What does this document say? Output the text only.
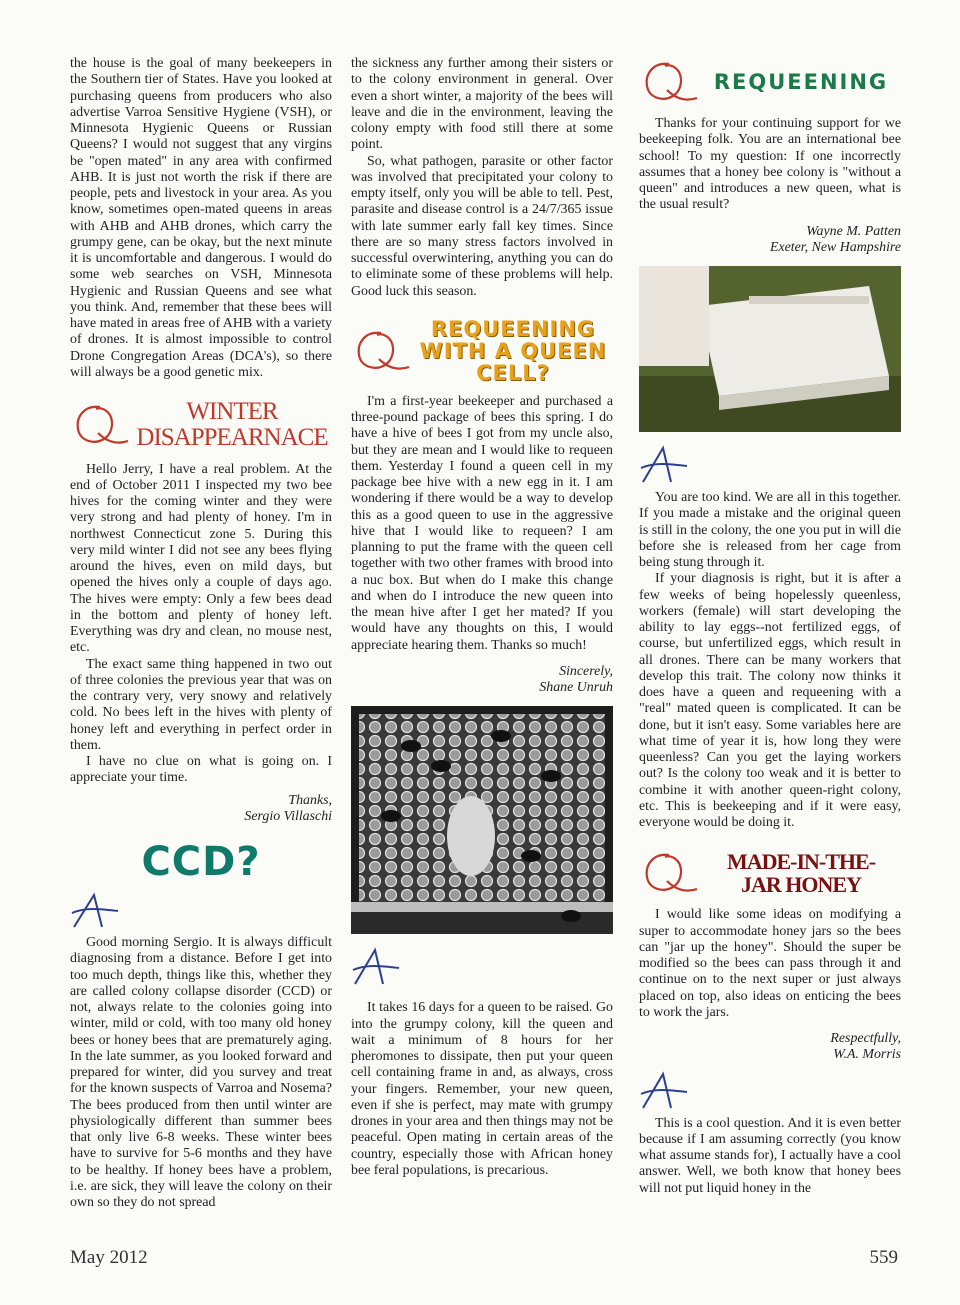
the house is the goal of many beekeepers in the Southern tier of States. Have you looked at purchasing queens from producers who also advertise Varroa Sensitive Hygiene (VSH), or Minnesota Hygienic Queens or Russian Queens? I would not suggest that any virgins be "open mated" in any area with confirmed AHB. It is just not worth the risk if there are people, pets and livestock in your area. As you know, sometimes open-mated queens in areas with AHB and AHB drones, which carry the grumpy gene, can be okay, but the next minute it is uncomfortable and dangerous. I would do some web searches on VSH, Minnesota Hygienic and Russian Queens and see what you think. And, remember that these bees will have mated in areas free of AHB with a variety of drones. It is almost impossible to control Drone Congregation Areas (DCA's), so there will always be a good genetic mix.

WINTER
DISAPPEARNACE

Hello Jerry, I have a real problem. At the end of October 2011 I inspected my two bee hives for the coming winter and they were very strong and had plenty of honey. I'm in northwest Connecticut zone 5. During this very mild winter I did not see any bees flying around the hives, even on mild days, but opened the hives only a couple of days ago. The hives were empty: Only a few bees dead in the bottom and plenty of honey left. Everything was dry and clean, no mouse nest, etc.

The exact same thing happened in two out of three colonies the previous year that was on the contrary very, very snowy and relatively cold. No bees left in the hives with plenty of honey left and everything in perfect order in them.

I have no clue on what is going on. I appreciate your time.

Thanks,
Sergio Villaschi

CCD?

Good morning Sergio. It is always difficult diagnosing from a distance. Before I get into too much depth, things like this, whether they are called colony collapse disorder (CCD) or not, always relate to the colonies going into winter, mild or cold, with too many old honey bees or honey bees that are prematurely aging. In the late summer, as you looked forward and prepared for winter, did you survey and treat for the known suspects of Varroa and Nosema? The bees produced from then until winter are physiologically different than summer bees that only live 6-8 weeks. These winter bees have to survive for 5-6 months and they have to be healthy. If honey bees have a problem, i.e. are sick, they will leave the colony on their own so they do not spread

the sickness any further among their sisters or to the colony environment in general. Over even a short winter, a majority of the bees will leave and die in the environment, leaving the colony empty with food still there at some point.

So, what pathogen, parasite or other factor was involved that precipitated your colony to empty itself, only you will be able to tell. Pest, parasite and disease control is a 24/7/365 issue with late summer early fall key times. Since there are so many stress factors involved in successful overwintering, anything you can do to eliminate some of these problems will help. Good luck this season.

REQUEENING
WITH A QUEEN
CELL?

I'm a first-year beekeeper and purchased a three-pound package of bees this spring. I do have a hive of bees I got from my uncle also, but they are mean and I would like to requeen them. Yesterday I found a queen cell in my package bee hive with a new egg in it. I am wondering if there would be a way to develop this as a good queen to use in the aggressive hive that I would like to requeen? I am planning to put the frame with the queen cell together with two other frames with brood into a nuc box. But when do I make this change and when do I introduce the new queen into the mean hive after I get her mated? If you would have any thoughts on this, I would appreciate hearing them. Thanks so much!

Sincerely,
Shane Unruh

It takes 16 days for a queen to be raised. Go into the grumpy colony, kill the queen and wait a minimum of 8 hours for her pheromones to dissipate, then put your queen cell containing frame in and, as always, cross your fingers. Remember, your new queen, even if she is perfect, may mate with grumpy drones in your area and then things may not be peaceful. Open mating in certain areas of the country, especially those with African honey bee feral populations, is precarious.

REQUEENING

Thanks for your continuing support for we beekeeping folk. You are an international bee school! To my question: If one incorrectly assumes that a honey bee colony is "without a queen" and introduces a new queen, what is the usual result?

Wayne M. Patten
Exeter, New Hampshire

You are too kind. We are all in this together. If you made a mistake and the original queen is still in the colony, the one you put in will die before she is released from her cage from being stung through it.

If your diagnosis is right, but it is after a few weeks of being hopelessly queenless, workers (female) will start developing the ability to lay eggs--not fertilized eggs, of course, but unfertilized eggs, which result in all drones. There can be many workers that develop this trait. The colony now thinks it does have a queen and requeening with a "real" mated queen is complicated. It can be done, but it isn't easy. Some variables here are what time of year it is, how long they were queenless? Can you get the laying workers out? Is the colony too weak and it is better to combine it with another queen-right colony, etc. This is beekeeping and if it were easy, everyone would be doing it.

MADE-IN-THE-
JAR HONEY

I would like some ideas on modifying a super to accommodate honey jars so the bees can "jar up the honey". Should the super be modified so the bees can pass through it and continue on to the next super or just always placed on top, also ideas on enticing the bees to work the jars.

Respectfully,
W.A. Morris

This is a cool question. And it is even better because if I am assuming correctly (you know what assume stands for), I actually have a cool answer. Well, we both know that honey bees will not put liquid honey in the

May 2012	559
